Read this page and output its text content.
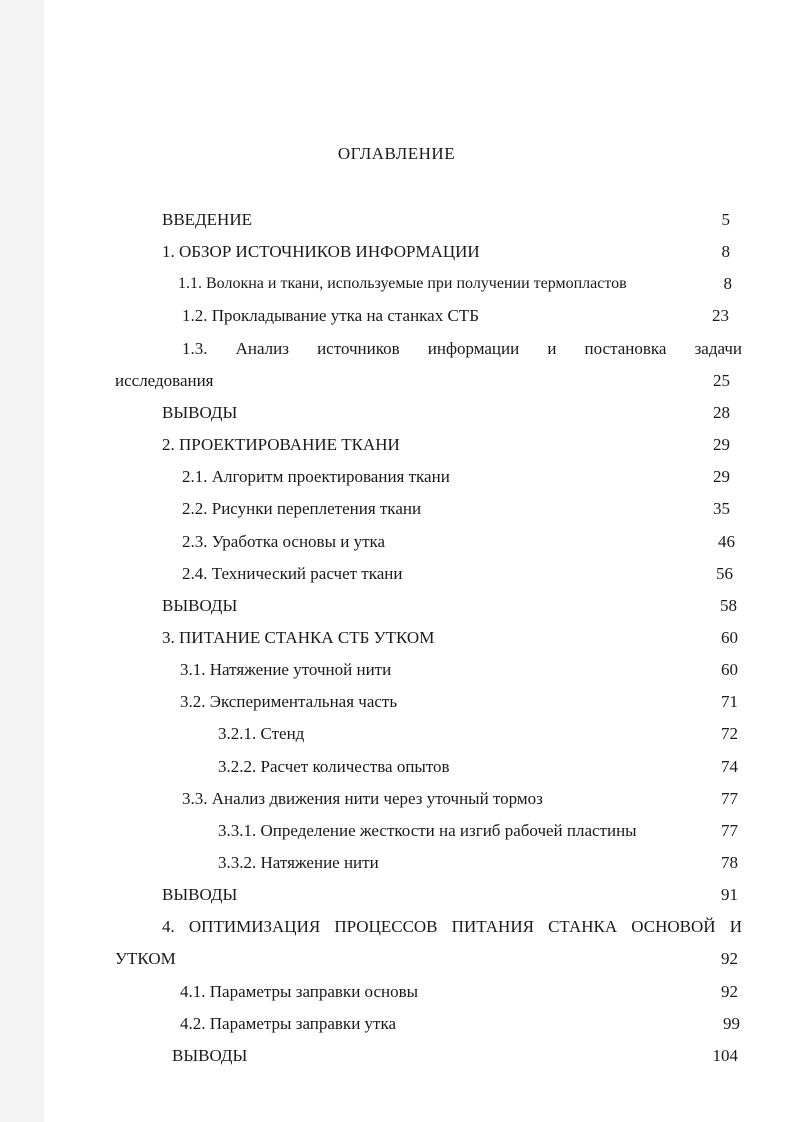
ОГЛАВЛЕНИЕ
ВВЕДЕНИЕ	5
1. ОБЗОР ИСТОЧНИКОВ ИНФОРМАЦИИ	8
1.1. Волокна и ткани, используемые при получении термопластов	8
1.2. Прокладывание утка на станках СТБ	23
1.3. Анализ источников информации и постановка задачи
исследования	25
ВЫВОДЫ	28
2. ПРОЕКТИРОВАНИЕ ТКАНИ	29
2.1. Алгоритм проектирования ткани	29
2.2. Рисунки переплетения ткани	35
2.3. Уработка основы и утка	46
2.4. Технический расчет ткани	56
ВЫВОДЫ	58
3. ПИТАНИЕ СТАНКА СТБ УТКОМ	60
3.1. Натяжение уточной нити	60
3.2. Экспериментальная часть	71
3.2.1. Стенд	72
3.2.2. Расчет количества опытов	74
3.3. Анализ движения нити через уточный тормоз	77
3.3.1. Определение жесткости на изгиб рабочей пластины	77
3.3.2. Натяжение нити	78
ВЫВОДЫ	91
4. ОПТИМИЗАЦИЯ ПРОЦЕССОВ ПИТАНИЯ СТАНКА ОСНОВОЙ И
УТКОМ	92
4.1. Параметры заправки основы	92
4.2. Параметры заправки утка	99
ВЫВОДЫ	104
